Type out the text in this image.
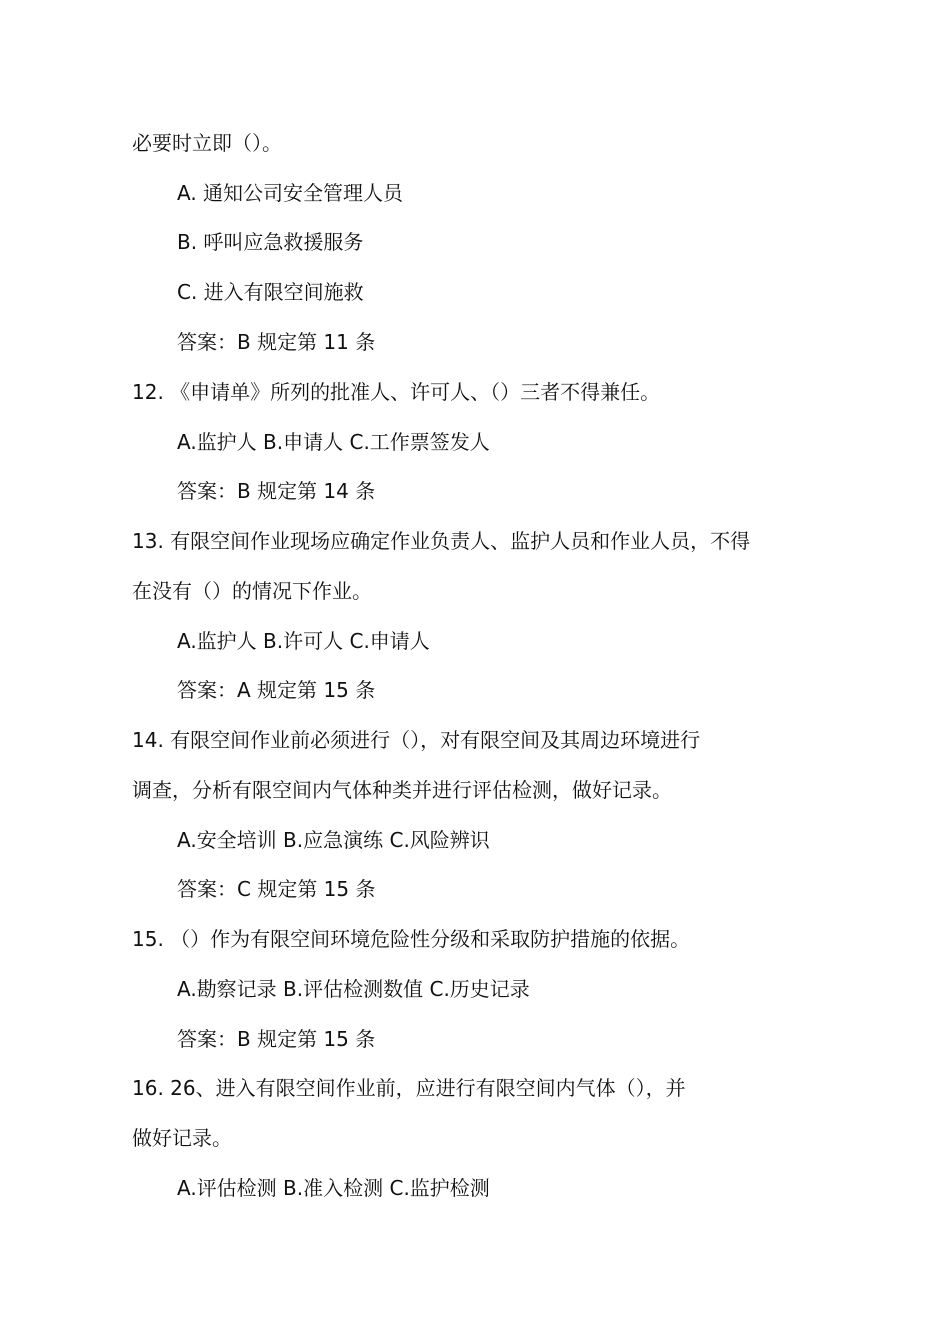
必要时立即（）。
A. 通知公司安全管理人员
B. 呼叫应急救援服务
C. 进入有限空间施救
答案：B 规定第 11 条
12. 《申请单》所列的批准人、许可人、（）三者不得兼任。
A.监护人 B.申请人 C.工作票签发人
答案：B 规定第 14 条
13. 有限空间作业现场应确定作业负责人、监护人员和作业人员，不得
在没有（）的情况下作业。
A.监护人 B.许可人 C.申请人
答案：A 规定第 15 条
14. 有限空间作业前必须进行（），对有限空间及其周边环境进行
调查，分析有限空间内气体种类并进行评估检测，做好记录。
A.安全培训 B.应急演练 C.风险辨识
答案：C 规定第 15 条
15. （）作为有限空间环境危险性分级和采取防护措施的依据。
A.勘察记录 B.评估检测数值 C.历史记录
答案：B 规定第 15 条
16. 26、进入有限空间作业前，应进行有限空间内气体（），并
做好记录。
A.评估检测 B.准入检测 C.监护检测
